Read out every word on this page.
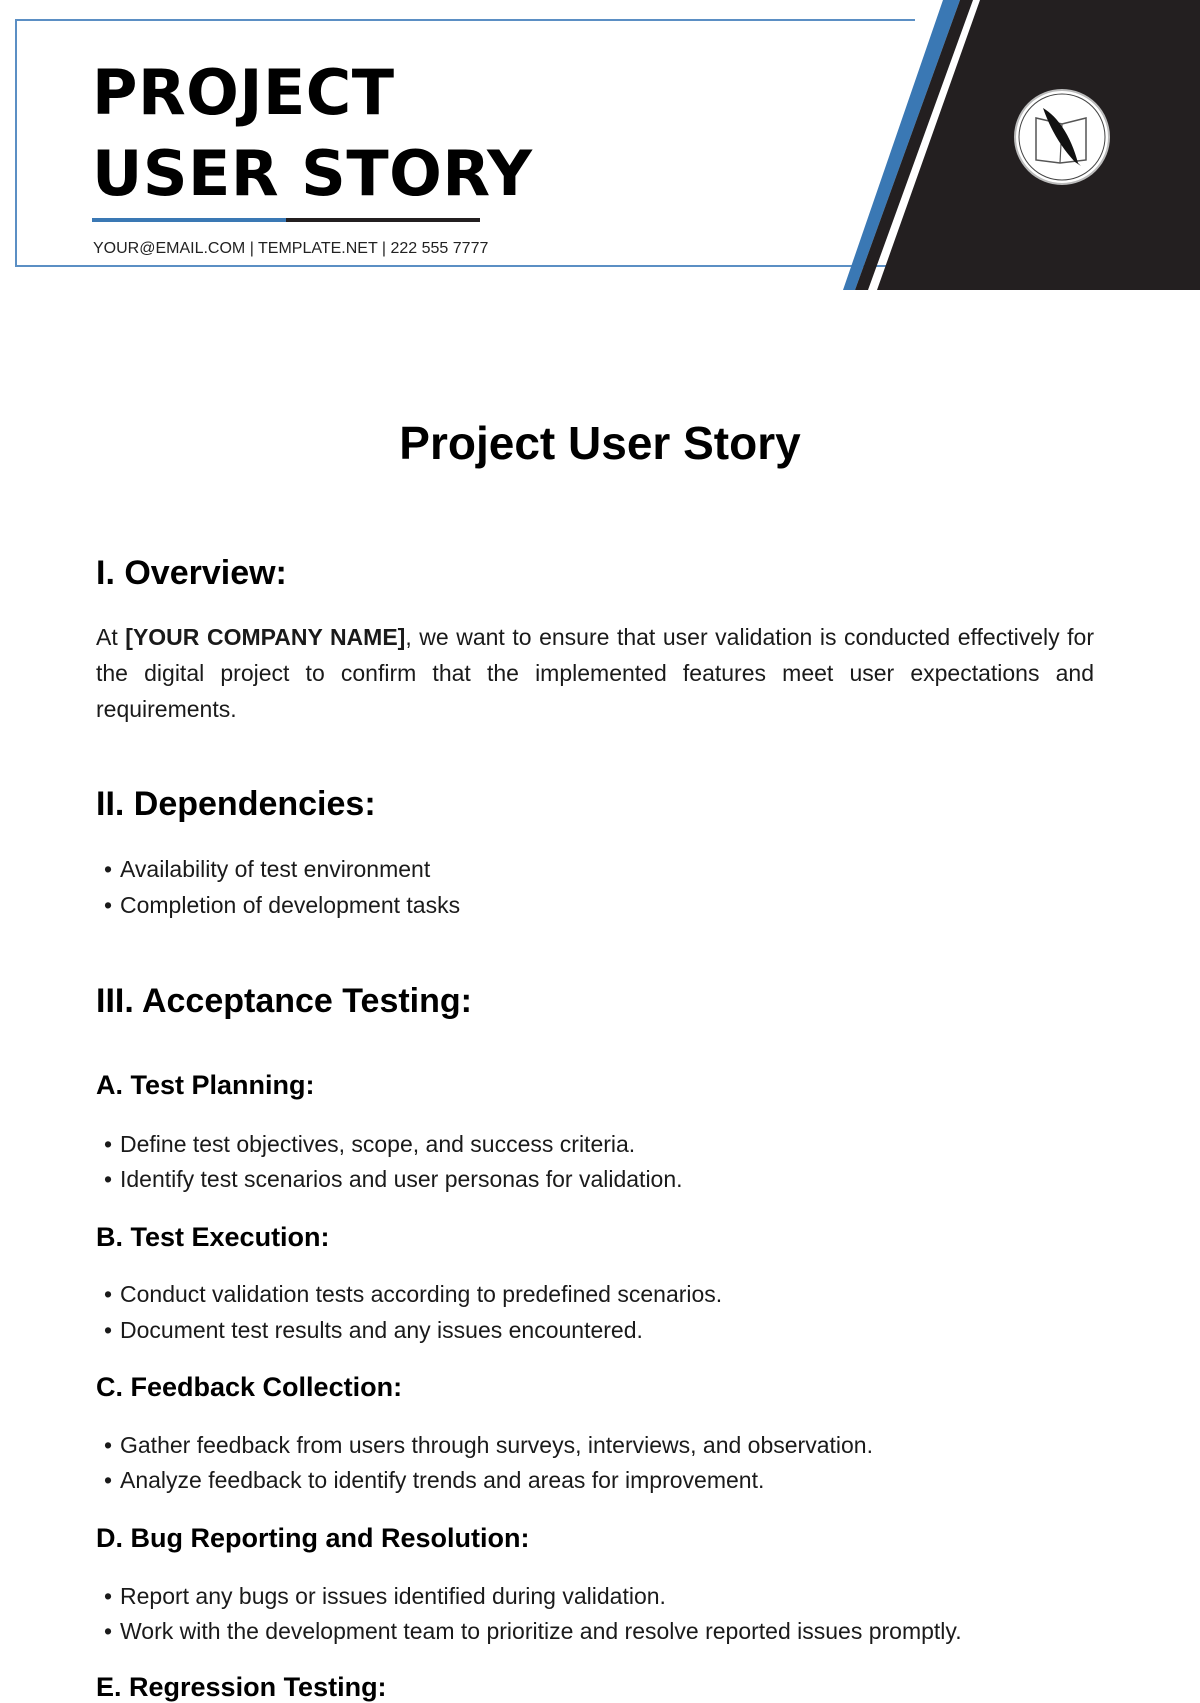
PROJECT
USER STORY
YOUR@EMAIL.COM | TEMPLATE.NET | 222 555 7777
Project User Story
I. Overview:
At [YOUR COMPANY NAME], we want to ensure that user validation is conducted effectively for the digital project to confirm that the implemented features meet user expectations and requirements.
II. Dependencies:
• Availability of test environment
• Completion of development tasks
III. Acceptance Testing:
A. Test Planning:
• Define test objectives, scope, and success criteria.
• Identify test scenarios and user personas for validation.
B. Test Execution:
• Conduct validation tests according to predefined scenarios.
• Document test results and any issues encountered.
C. Feedback Collection:
• Gather feedback from users through surveys, interviews, and observation.
• Analyze feedback to identify trends and areas for improvement.
D. Bug Reporting and Resolution:
• Report any bugs or issues identified during validation.
• Work with the development team to prioritize and resolve reported issues promptly.
E. Regression Testing:
